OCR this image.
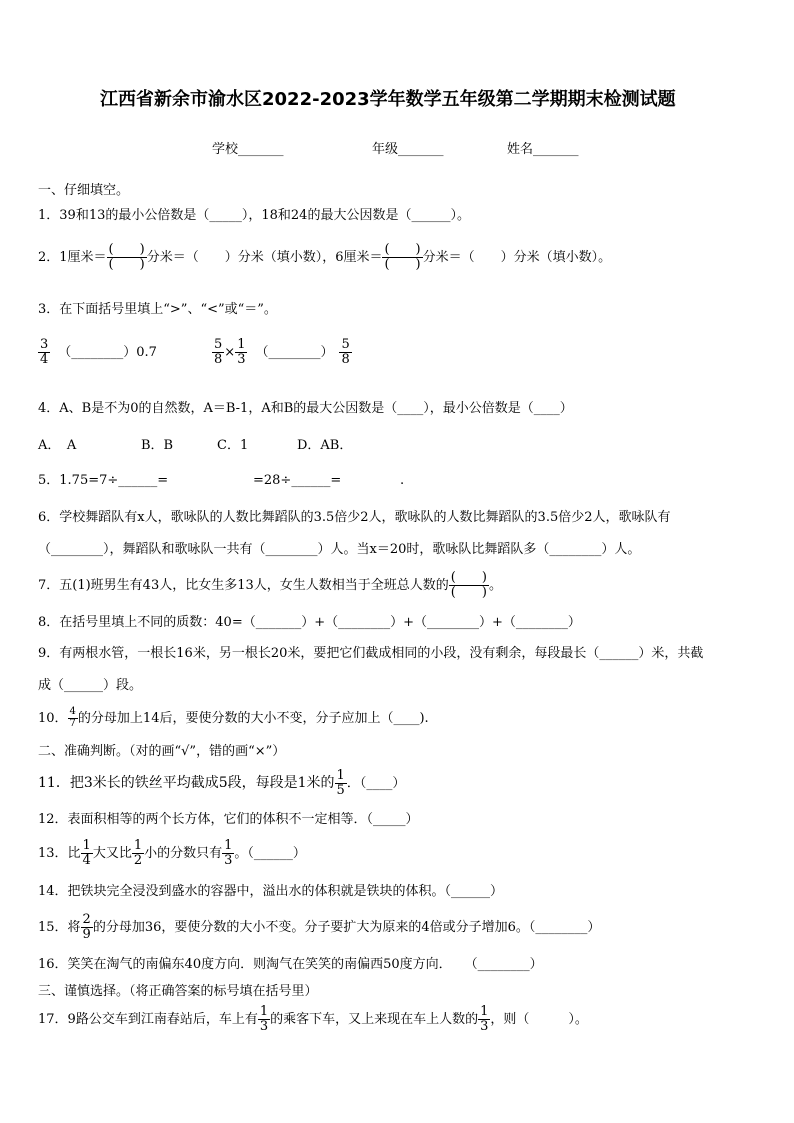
江西省新余市渝水区2022-2023学年数学五年级第二学期期末检测试题
学校_______	年级_______	姓名_______
一、仔细填空。
1．39和13的最小公倍数是（_____），18和24的最大公因数是（______）。
2．1厘米＝ $\frac{( )}{( )}$ 分米＝（　　）分米（填小数），6厘米＝ $\frac{( )}{( )}$ 分米＝（　　）分米（填小数）。
3．在下面括号里填上“>”、“<”或“＝”。
$\frac{3}{4}$ （________）0.7	$\frac{5}{8} \times \frac{1}{3}$ （________） $\frac{5}{8}$
4．A、B是不为0的自然数，A＝B-1，A和B的最大公因数是（____），最小公倍数是（____）
A．　A	B．B	C．1	D．AB．
5．1.75=7÷______=	=28÷______=	.
6．学校舞蹈队有x人，歌咏队的人数比舞蹈队的3.5倍少2人，歌咏队的人数比舞蹈队的3.5倍少2人，歌咏队有
（________），舞蹈队和歌咏队一共有（________）人。当x＝20时，歌咏队比舞蹈队多（________）人。
7．五(1)班男生有43人，比女生多13人，女生人数相当于全班总人数的 $\frac{( )}{( )}$ 。
8．在括号里填上不同的质数：40=（_______）+（________）+（________）+（________）
9．有两根水管，一根长16米，另一根长20米，要把它们截成相同的小段，没有剩余，每段最长（______）米，共截
成（______）段。
10． $\frac{4}{7}$ 的分母加上14后，要使分数的大小不变，分子应加上（____).
二、准确判断。（对的画“√”，错的画“×”）
11．把3米长的铁丝平均截成5段，每段是1米的 $\frac{1}{5}$ ．（____）
12．表面积相等的两个长方体，它们的体积不一定相等．（_____）
13．比 $\frac{1}{4}$ 大又比 $\frac{1}{2}$ 小的分数只有 $\frac{1}{3}$ 。（______）
14．把铁块完全浸没到盛水的容器中，溢出水的体积就是铁块的体积。（______）
15．将 $\frac{2}{9}$ 的分母加36，要使分数的大小不变。分子要扩大为原来的4倍或分子增加6。（________）
16．笑笑在淘气的南偏东40度方向．则淘气在笑笑的南偏西50度方向．　　（________）
三、谨慎选择。（将正确答案的标号填在括号里）
17．9路公交车到江南春站后，车上有 $\frac{1}{3}$ 的乘客下车，又上来现在车上人数的 $\frac{1}{3}$ ，则（　　　）。
